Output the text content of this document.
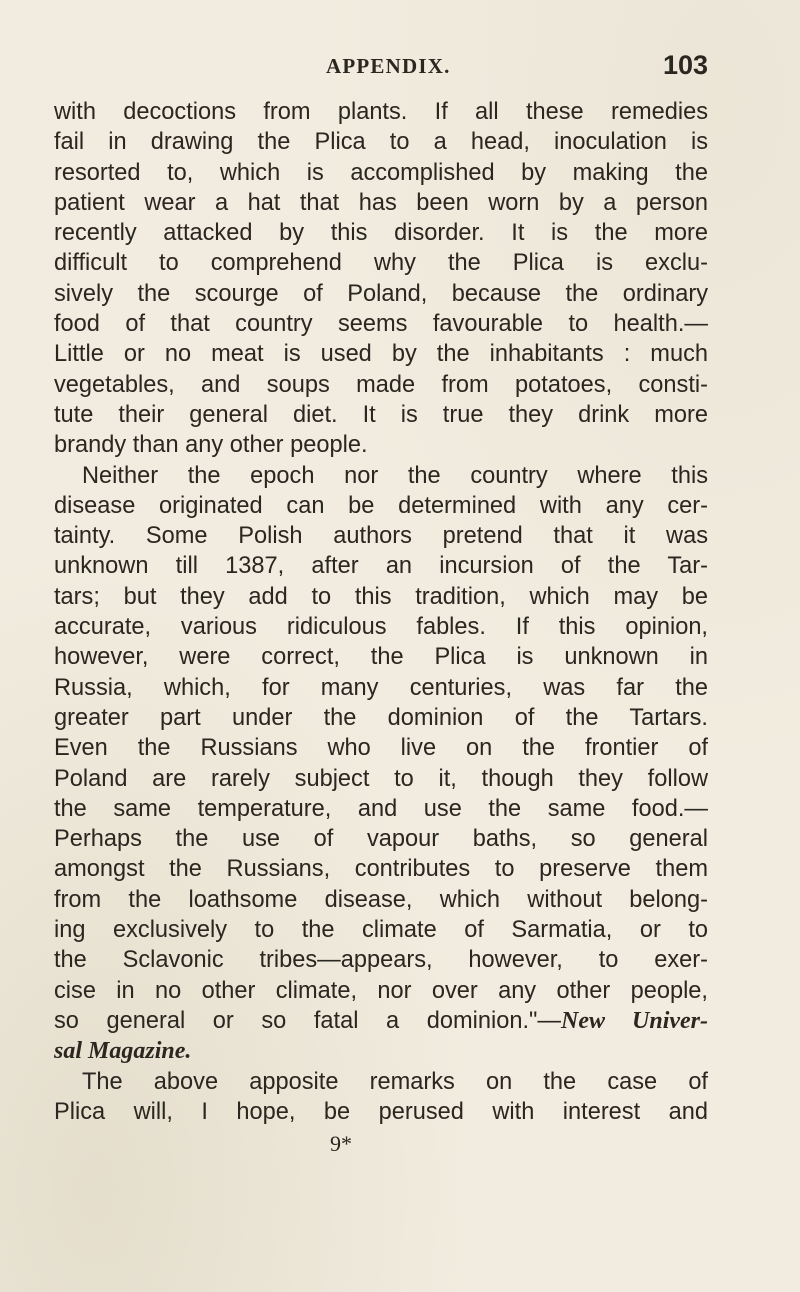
APPENDIX.	103
with decoctions from plants. If all these remedies
fail in drawing the Plica to a head, inoculation is
resorted to, which is accomplished by making the
patient wear a hat that has been worn by a person
recently attacked by this disorder. It is the more
difficult to comprehend why the Plica is exclu-
sively the scourge of Poland, because the ordinary
food of that country seems favourable to health.—
Little or no meat is used by the inhabitants : much
vegetables, and soups made from potatoes, consti-
tute their general diet. It is true they drink more
brandy than any other people.
Neither the epoch nor the country where this
disease originated can be determined with any cer-
tainty. Some Polish authors pretend that it was
unknown till 1387, after an incursion of the Tar-
tars; but they add to this tradition, which may be
accurate, various ridiculous fables. If this opinion,
however, were correct, the Plica is unknown in
Russia, which, for many centuries, was far the
greater part under the dominion of the Tartars.
Even the Russians who live on the frontier of
Poland are rarely subject to it, though they follow
the same temperature, and use the same food.—
Perhaps the use of vapour baths, so general
amongst the Russians, contributes to preserve them
from the loathsome disease, which without belong-
ing exclusively to the climate of Sarmatia, or to
the Sclavonic tribes—appears, however, to exer-
cise in no other climate, nor over any other people,
so general or so fatal a dominion."—New Univer-
sal Magazine.
The above apposite remarks on the case of
Plica will, I hope, be perused with interest and
9*
